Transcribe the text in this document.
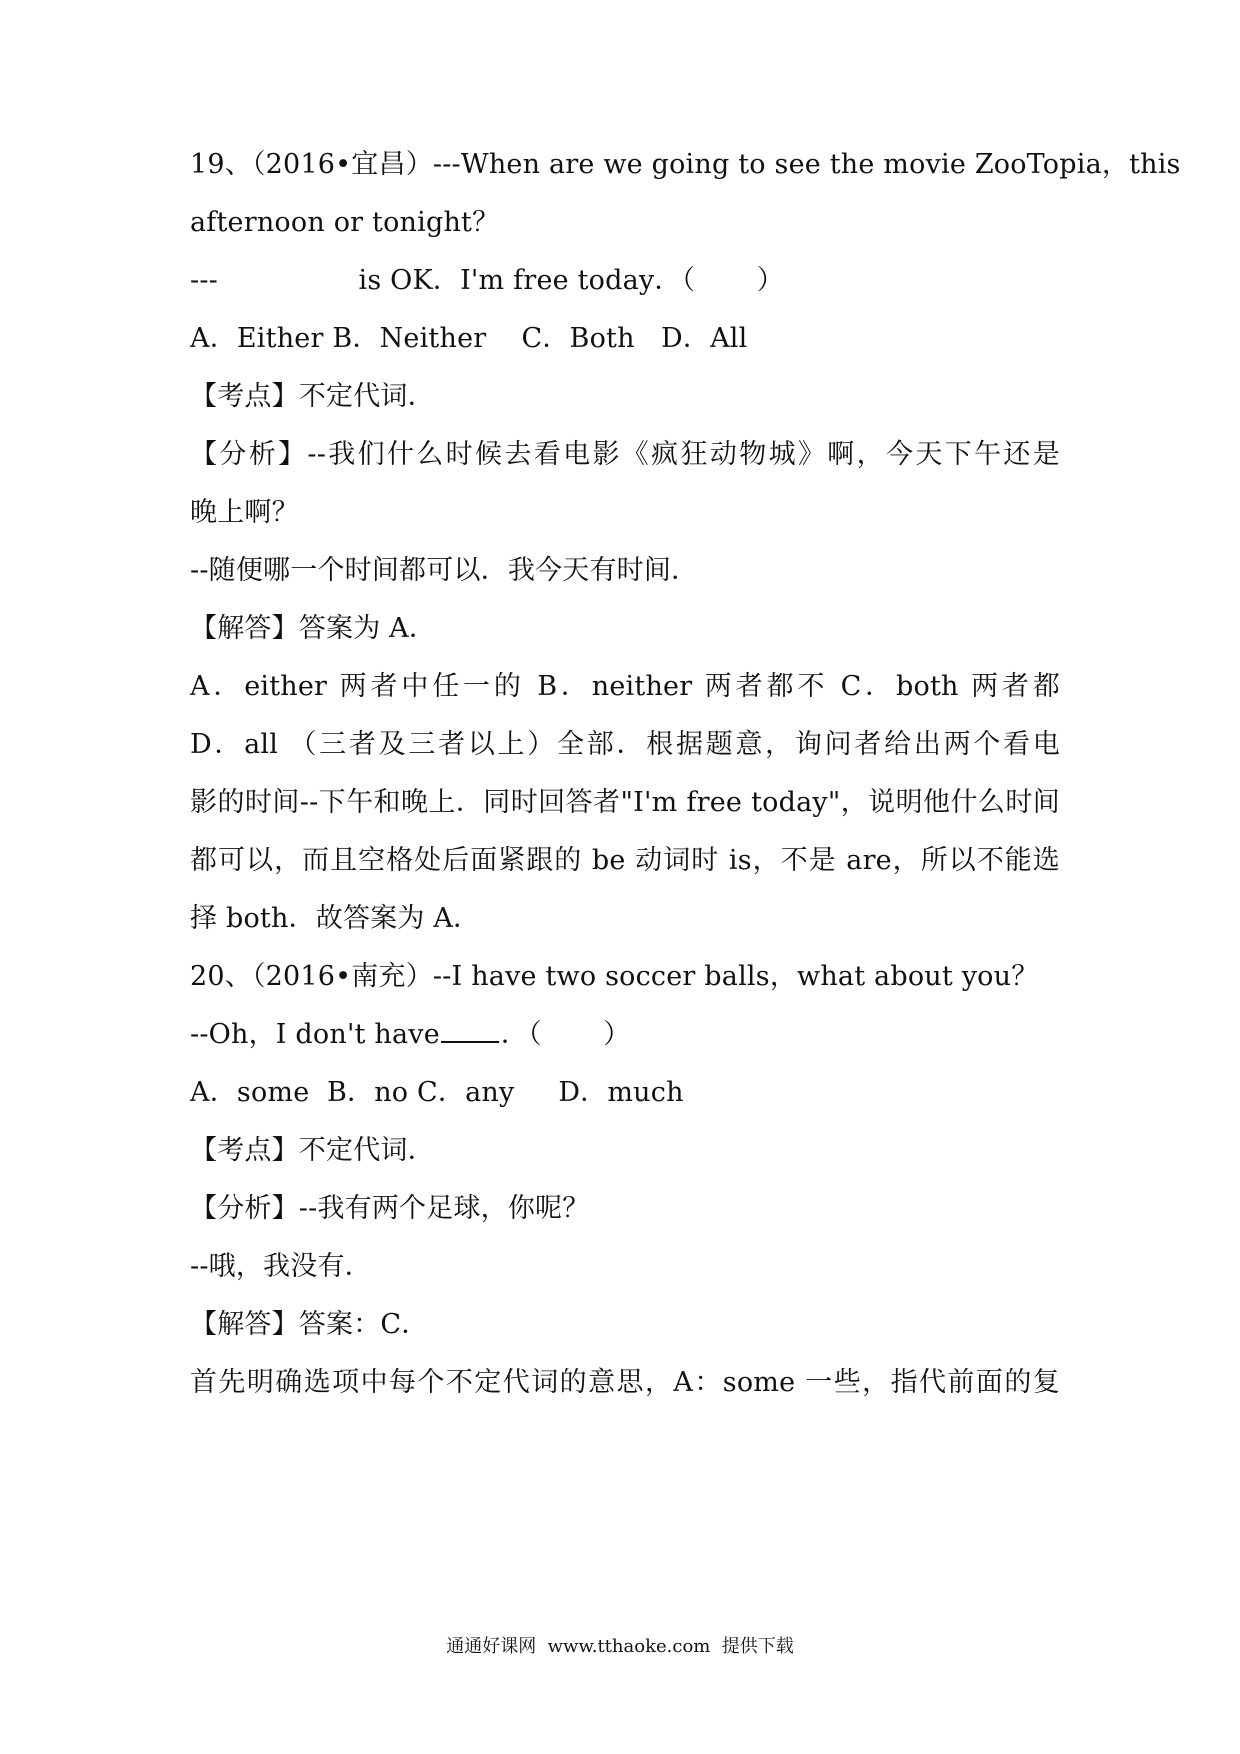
19、（2016•宜昌）---When are we going to see the movie ZooTopia，this
afternoon or tonight？
---                is OK．I'm free today．（       ）
A．Either B．Neither    C．Both   D．All
【考点】不定代词．
【分析】--我们什么时候去看电影《疯狂动物城》啊，今天下午还是
晚上啊？
--随便哪一个时间都可以．我今天有时间．
【解答】答案为 A．
A．either 两者中任一的 B．neither 两者都不 C．both 两者都
D．all （三者及三者以上）全部．根据题意，询问者给出两个看电
影的时间--下午和晚上．同时回答者"I'm free today"，说明他什么时间
都可以，而且空格处后面紧跟的 be 动词时 is，不是 are，所以不能选
择 both．故答案为 A．
20、（2016•南充）--I have two soccer balls，what about you？
--Oh，I don't have ．（       ）
A．some  B．no C．any     D．much
【考点】不定代词．
【分析】--我有两个足球，你呢？
--哦，我没有．
【解答】答案：C．
首先明确选项中每个不定代词的意思，A：some 一些，指代前面的复
通通好课网  www.tthaoke.com  提供下载
